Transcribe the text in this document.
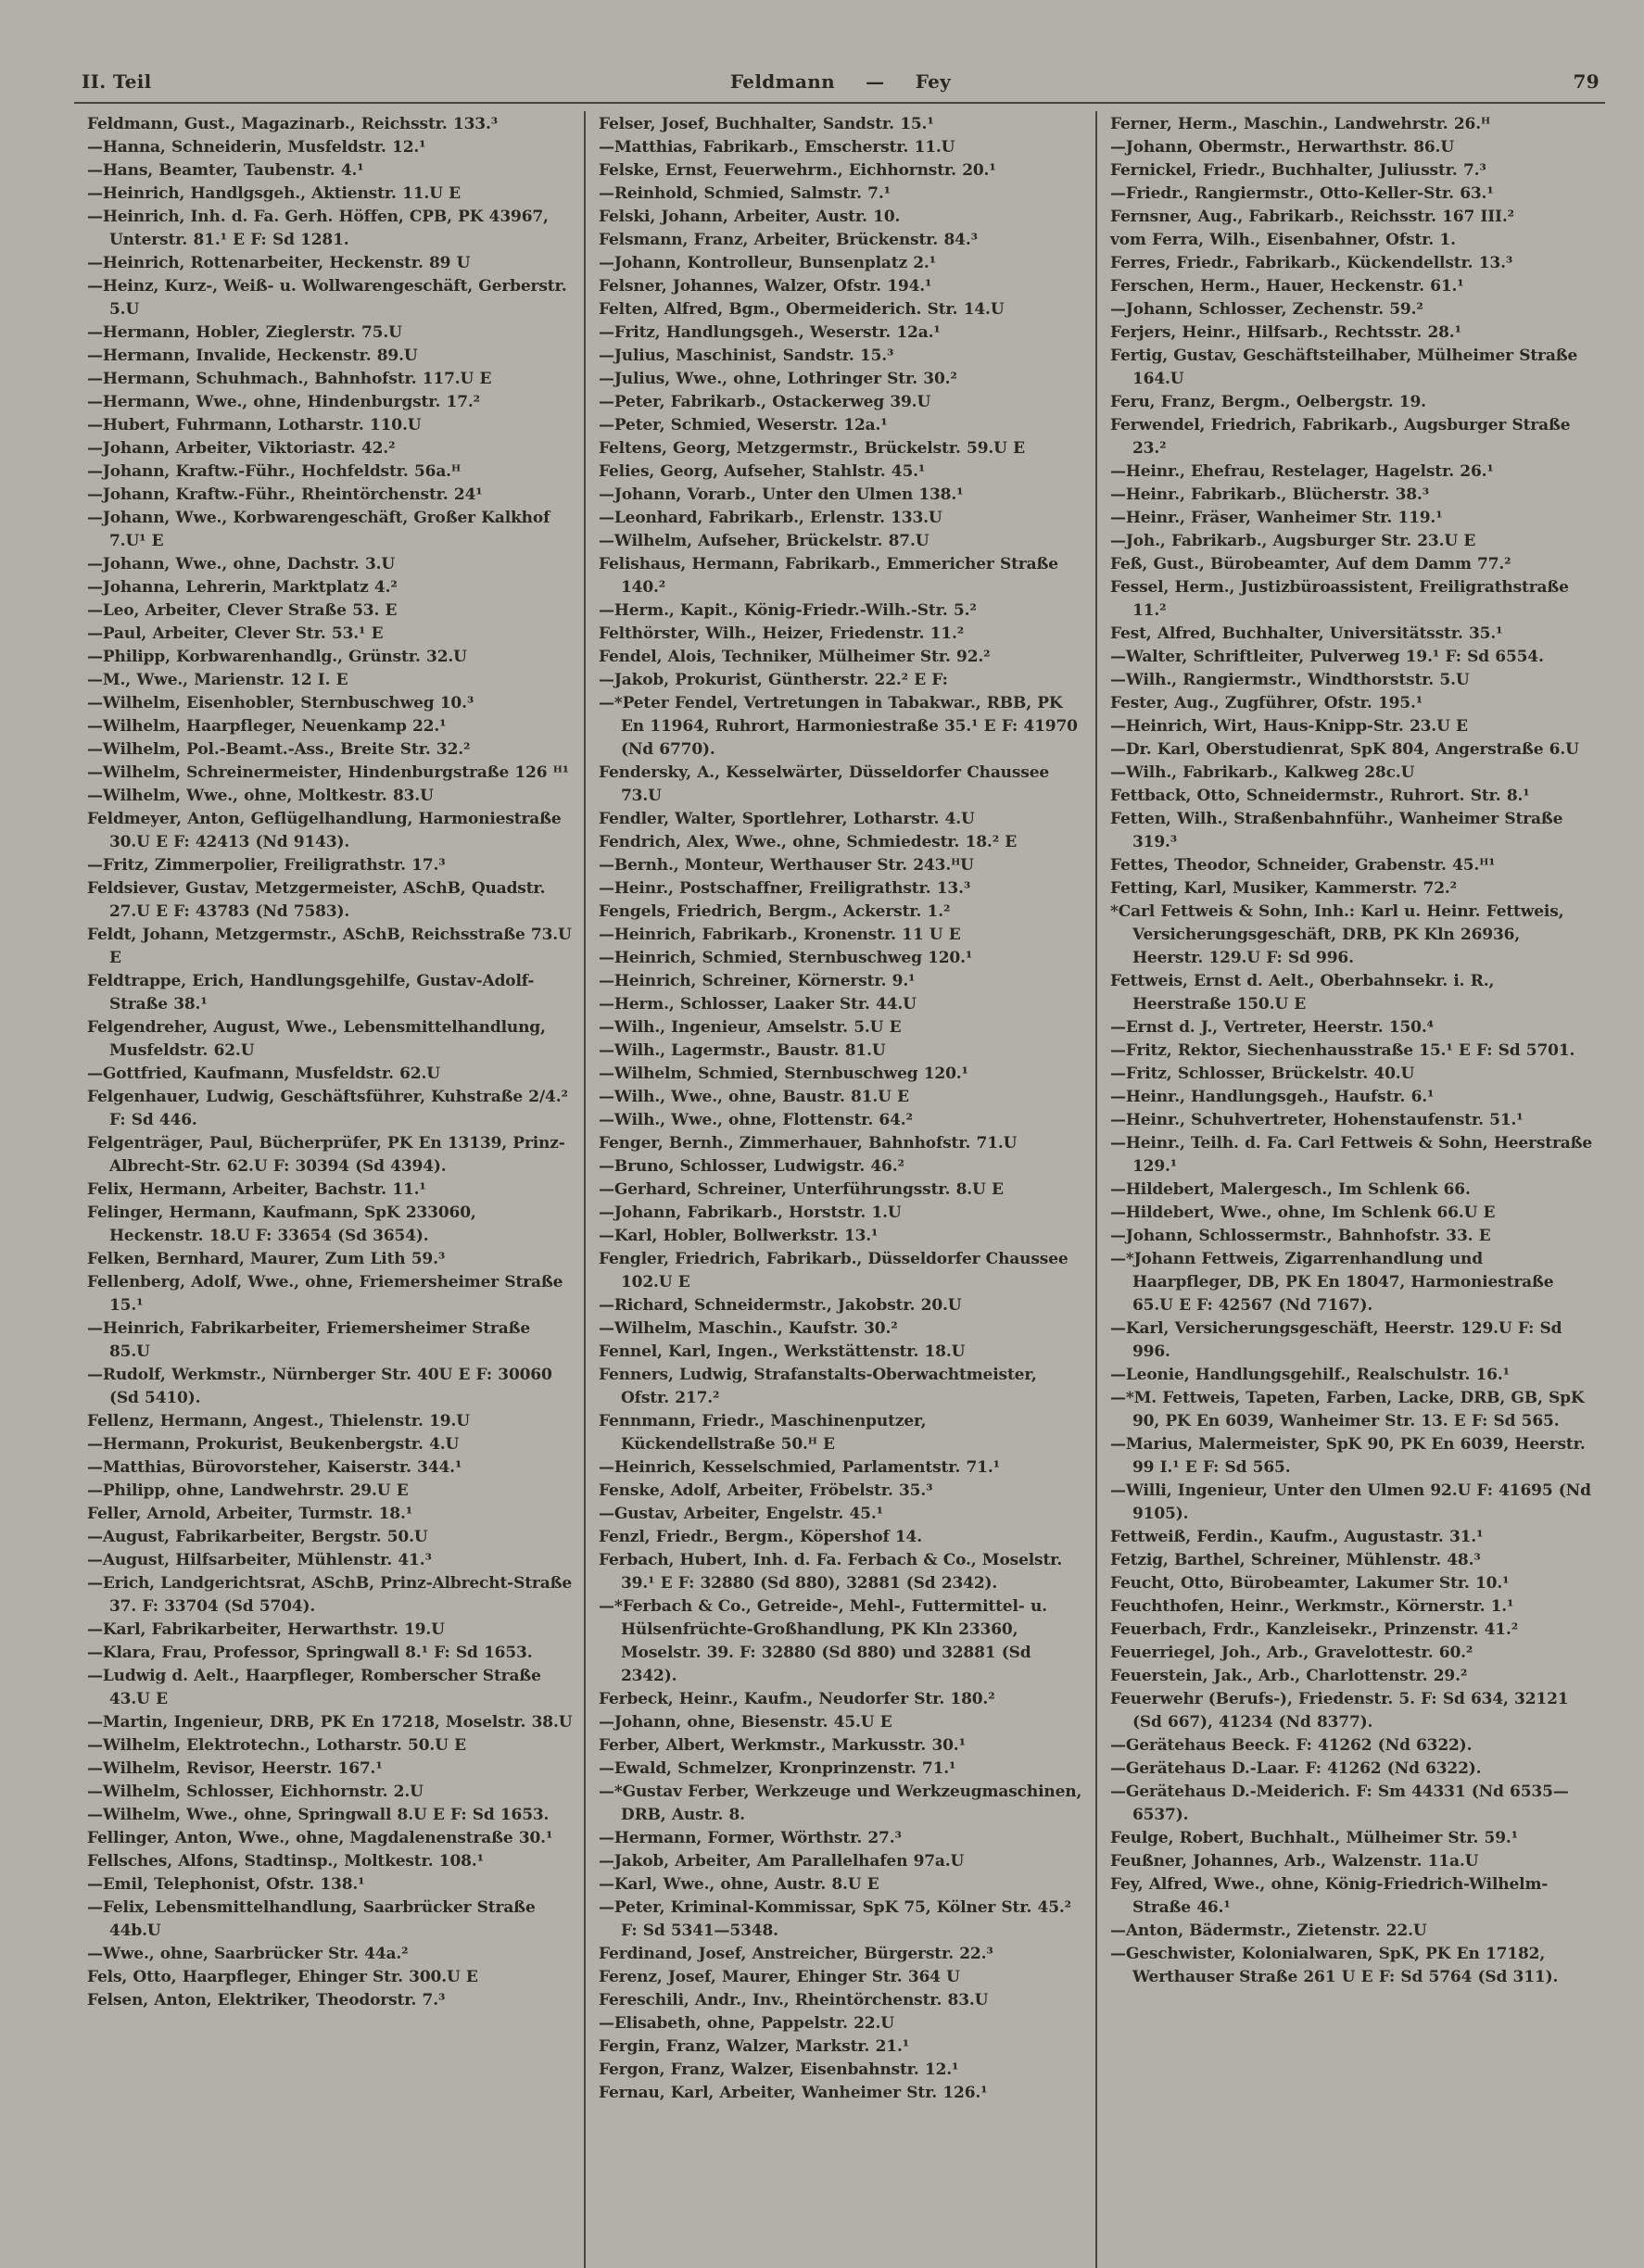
II. Teil	Feldmann — Fey	79

Feldmann, Gust., Magazinarb., Reichsstr. 133.³

—Hanna, Schneiderin, Musfeldstr. 12.¹

—Hans, Beamter, Taubenstr. 4.¹

—Heinrich, Handlgsgeh., Aktienstr. 11.U E

—Heinrich, Inh. d. Fa. Gerh. Höffen, CPB, PK 43967, Unterstr. 81.¹ E F: Sd 1281.

—Heinrich, Rottenarbeiter, Heckenstr. 89 U

—Heinz, Kurz-, Weiß- u. Wollwarengeschäft, Gerberstr. 5.U

—Hermann, Hobler, Zieglerstr. 75.U

—Hermann, Invalide, Heckenstr. 89.U

—Hermann, Schuhmach., Bahnhofstr. 117.U E

—Hermann, Wwe., ohne, Hindenburgstr. 17.²

—Hubert, Fuhrmann, Lotharstr. 110.U

—Johann, Arbeiter, Viktoriastr. 42.²

—Johann, Kraftw.-Führ., Hochfeldstr. 56a.ᴴ

—Johann, Kraftw.-Führ., Rheintörchenstr. 24¹

—Johann, Wwe., Korbwarengeschäft, Großer Kalkhof 7.U¹ E

—Johann, Wwe., ohne, Dachstr. 3.U

—Johanna, Lehrerin, Marktplatz 4.²

—Leo, Arbeiter, Clever Straße 53. E

—Paul, Arbeiter, Clever Str. 53.¹ E

—Philipp, Korbwarenhandlg., Grünstr. 32.U

—M., Wwe., Marienstr. 12 I. E

—Wilhelm, Eisenhobler, Sternbuschweg 10.³

—Wilhelm, Haarpfleger, Neuenkamp 22.¹

—Wilhelm, Pol.-Beamt.-Ass., Breite Str. 32.²

—Wilhelm, Schreinermeister, Hindenburgstraße 126 ᴴ¹

—Wilhelm, Wwe., ohne, Moltkestr. 83.U

Feldmeyer, Anton, Geflügelhandlung, Harmoniestraße 30.U E F: 42413 (Nd 9143).

—Fritz, Zimmerpolier, Freiligrathstr. 17.³

Feldsiever, Gustav, Metzgermeister, ASchB, Quadstr. 27.U E F: 43783 (Nd 7583).

Feldt, Johann, Metzgermstr., ASchB, Reichsstraße 73.U E

Feldtrappe, Erich, Handlungsgehilfe, Gustav-Adolf-Straße 38.¹

Felgendreher, August, Wwe., Lebensmittelhandlung, Musfeldstr. 62.U

—Gottfried, Kaufmann, Musfeldstr. 62.U

Felgenhauer, Ludwig, Geschäftsführer, Kuhstraße 2/4.² F: Sd 446.

Felgenträger, Paul, Bücherprüfer, PK En 13139, Prinz-Albrecht-Str. 62.U F: 30394 (Sd 4394).

Felix, Hermann, Arbeiter, Bachstr. 11.¹

Felinger, Hermann, Kaufmann, SpK 233060, Heckenstr. 18.U F: 33654 (Sd 3654).

Felken, Bernhard, Maurer, Zum Lith 59.³

Fellenberg, Adolf, Wwe., ohne, Friemersheimer Straße 15.¹

—Heinrich, Fabrikarbeiter, Friemersheimer Straße 85.U

—Rudolf, Werkmstr., Nürnberger Str. 40U E F: 30060 (Sd 5410).

Fellenz, Hermann, Angest., Thielenstr. 19.U

—Hermann, Prokurist, Beukenbergstr. 4.U

—Matthias, Bürovorsteher, Kaiserstr. 344.¹

—Philipp, ohne, Landwehrstr. 29.U E

Feller, Arnold, Arbeiter, Turmstr. 18.¹

—August, Fabrikarbeiter, Bergstr. 50.U

—August, Hilfsarbeiter, Mühlenstr. 41.³

—Erich, Landgerichtsrat, ASchB, Prinz-Albrecht-Straße 37. F: 33704 (Sd 5704).

—Karl, Fabrikarbeiter, Herwarthstr. 19.U

—Klara, Frau, Professor, Springwall 8.¹ F: Sd 1653.

—Ludwig d. Aelt., Haarpfleger, Romberscher Straße 43.U E

—Martin, Ingenieur, DRB, PK En 17218, Moselstr. 38.U

—Wilhelm, Elektrotechn., Lotharstr. 50.U E

—Wilhelm, Revisor, Heerstr. 167.¹

—Wilhelm, Schlosser, Eichhornstr. 2.U

—Wilhelm, Wwe., ohne, Springwall 8.U E F: Sd 1653.

Fellinger, Anton, Wwe., ohne, Magdalenenstraße 30.¹

Fellsches, Alfons, Stadtinsp., Moltkestr. 108.¹

—Emil, Telephonist, Ofstr. 138.¹

—Felix, Lebensmittelhandlung, Saarbrücker Straße 44b.U

—Wwe., ohne, Saarbrücker Str. 44a.²

Fels, Otto, Haarpfleger, Ehinger Str. 300.U E

Felsen, Anton, Elektriker, Theodorstr. 7.³

Felser, Josef, Buchhalter, Sandstr. 15.¹

—Matthias, Fabrikarb., Emscherstr. 11.U

Felske, Ernst, Feuerwehrm., Eichhornstr. 20.¹

—Reinhold, Schmied, Salmstr. 7.¹

Felski, Johann, Arbeiter, Austr. 10.

Felsmann, Franz, Arbeiter, Brückenstr. 84.³

—Johann, Kontrolleur, Bunsenplatz 2.¹

Felsner, Johannes, Walzer, Ofstr. 194.¹

Felten, Alfred, Bgm., Obermeiderich. Str. 14.U

—Fritz, Handlungsgeh., Weserstr. 12a.¹

—Julius, Maschinist, Sandstr. 15.³

—Julius, Wwe., ohne, Lothringer Str. 30.²

—Peter, Fabrikarb., Ostackerweg 39.U

—Peter, Schmied, Weserstr. 12a.¹

Feltens, Georg, Metzgermstr., Brückelstr. 59.U E

Felies, Georg, Aufseher, Stahlstr. 45.¹

—Johann, Vorarb., Unter den Ulmen 138.¹

—Leonhard, Fabrikarb., Erlenstr. 133.U

—Wilhelm, Aufseher, Brückelstr. 87.U

Felishaus, Hermann, Fabrikarb., Emmericher Straße 140.²

—Herm., Kapit., König-Friedr.-Wilh.-Str. 5.²

Felthörster, Wilh., Heizer, Friedenstr. 11.²

Fendel, Alois, Techniker, Mülheimer Str. 92.²

—Jakob, Prokurist, Güntherstr. 22.² E F:

—*Peter Fendel, Vertretungen in Tabakwar., RBB, PK En 11964, Ruhrort, Harmoniestraße 35.¹ E F: 41970 (Nd 6770).

Fendersky, A., Kesselwärter, Düsseldorfer Chaussee 73.U

Fendler, Walter, Sportlehrer, Lotharstr. 4.U

Fendrich, Alex, Wwe., ohne, Schmiedestr. 18.² E

—Bernh., Monteur, Werthauser Str. 243.ᴴU

—Heinr., Postschaffner, Freiligrathstr. 13.³

Fengels, Friedrich, Bergm., Ackerstr. 1.²

—Heinrich, Fabrikarb., Kronenstr. 11 U E

—Heinrich, Schmied, Sternbuschweg 120.¹

—Heinrich, Schreiner, Körnerstr. 9.¹

—Herm., Schlosser, Laaker Str. 44.U

—Wilh., Ingenieur, Amselstr. 5.U E

—Wilh., Lagermstr., Baustr. 81.U

—Wilhelm, Schmied, Sternbuschweg 120.¹

—Wilh., Wwe., ohne, Baustr. 81.U E

—Wilh., Wwe., ohne, Flottenstr. 64.²

Fenger, Bernh., Zimmerhauer, Bahnhofstr. 71.U

—Bruno, Schlosser, Ludwigstr. 46.²

—Gerhard, Schreiner, Unterführungsstr. 8.U E

—Johann, Fabrikarb., Horststr. 1.U

—Karl, Hobler, Bollwerkstr. 13.¹

Fengler, Friedrich, Fabrikarb., Düsseldorfer Chaussee 102.U E

—Richard, Schneidermstr., Jakobstr. 20.U

—Wilhelm, Maschin., Kaufstr. 30.²

Fennel, Karl, Ingen., Werkstättenstr. 18.U

Fenners, Ludwig, Strafanstalts-Oberwachtmeister, Ofstr. 217.²

Fennmann, Friedr., Maschinenputzer, Kückendellstraße 50.ᴴ E

—Heinrich, Kesselschmied, Parlamentstr. 71.¹

Fenske, Adolf, Arbeiter, Fröbelstr. 35.³

—Gustav, Arbeiter, Engelstr. 45.¹

Fenzl, Friedr., Bergm., Köpershof 14.

Ferbach, Hubert, Inh. d. Fa. Ferbach & Co., Moselstr. 39.¹ E F: 32880 (Sd 880), 32881 (Sd 2342).

—*Ferbach & Co., Getreide-, Mehl-, Futtermittel- u. Hülsenfrüchte-Großhandlung, PK Kln 23360, Moselstr. 39. F: 32880 (Sd 880) und 32881 (Sd 2342).

Ferbeck, Heinr., Kaufm., Neudorfer Str. 180.²

—Johann, ohne, Biesenstr. 45.U E

Ferber, Albert, Werkmstr., Markusstr. 30.¹

—Ewald, Schmelzer, Kronprinzenstr. 71.¹

—*Gustav Ferber, Werkzeuge und Werkzeugmaschinen, DRB, Austr. 8.

—Hermann, Former, Wörthstr. 27.³

—Jakob, Arbeiter, Am Parallelhafen 97a.U

—Karl, Wwe., ohne, Austr. 8.U E

—Peter, Kriminal-Kommissar, SpK 75, Kölner Str. 45.² F: Sd 5341—5348.

Ferdinand, Josef, Anstreicher, Bürgerstr. 22.³

Ferenz, Josef, Maurer, Ehinger Str. 364 U

Fereschili, Andr., Inv., Rheintörchenstr. 83.U

—Elisabeth, ohne, Pappelstr. 22.U

Fergin, Franz, Walzer, Markstr. 21.¹

Fergon, Franz, Walzer, Eisenbahnstr. 12.¹

Fernau, Karl, Arbeiter, Wanheimer Str. 126.¹

Ferner, Herm., Maschin., Landwehrstr. 26.ᴴ

—Johann, Obermstr., Herwarthstr. 86.U

Fernickel, Friedr., Buchhalter, Juliusstr. 7.³

—Friedr., Rangiermstr., Otto-Keller-Str. 63.¹

Fernsner, Aug., Fabrikarb., Reichsstr. 167 III.²

vom Ferra, Wilh., Eisenbahner, Ofstr. 1.

Ferres, Friedr., Fabrikarb., Kückendellstr. 13.³

Ferschen, Herm., Hauer, Heckenstr. 61.¹

—Johann, Schlosser, Zechenstr. 59.²

Ferjers, Heinr., Hilfsarb., Rechtsstr. 28.¹

Fertig, Gustav, Geschäftsteilhaber, Mülheimer Straße 164.U

Feru, Franz, Bergm., Oelbergstr. 19.

Ferwendel, Friedrich, Fabrikarb., Augsburger Straße 23.²

—Heinr., Ehefrau, Restelager, Hagelstr. 26.¹

—Heinr., Fabrikarb., Blücherstr. 38.³

—Heinr., Fräser, Wanheimer Str. 119.¹

—Joh., Fabrikarb., Augsburger Str. 23.U E

Feß, Gust., Bürobeamter, Auf dem Damm 77.²

Fessel, Herm., Justizbüroassistent, Freiligrathstraße 11.²

Fest, Alfred, Buchhalter, Universitätsstr. 35.¹

—Walter, Schriftleiter, Pulverweg 19.¹ F: Sd 6554.

—Wilh., Rangiermstr., Windthorststr. 5.U

Fester, Aug., Zugführer, Ofstr. 195.¹

—Heinrich, Wirt, Haus-Knipp-Str. 23.U E

—Dr. Karl, Oberstudienrat, SpK 804, Angerstraße 6.U

—Wilh., Fabrikarb., Kalkweg 28c.U

Fettback, Otto, Schneidermstr., Ruhrort. Str. 8.¹

Fetten, Wilh., Straßenbahnführ., Wanheimer Straße 319.³

Fettes, Theodor, Schneider, Grabenstr. 45.ᴴ¹

Fetting, Karl, Musiker, Kammerstr. 72.²

*Carl Fettweis & Sohn, Inh.: Karl u. Heinr. Fettweis, Versicherungsgeschäft, DRB, PK Kln 26936, Heerstr. 129.U F: Sd 996.

Fettweis, Ernst d. Aelt., Oberbahnsekr. i. R., Heerstraße 150.U E

—Ernst d. J., Vertreter, Heerstr. 150.⁴

—Fritz, Rektor, Siechenhausstraße 15.¹ E F: Sd 5701.

—Fritz, Schlosser, Brückelstr. 40.U

—Heinr., Handlungsgeh., Haufstr. 6.¹

—Heinr., Schuhvertreter, Hohenstaufenstr. 51.¹

—Heinr., Teilh. d. Fa. Carl Fettweis & Sohn, Heerstraße 129.¹

—Hildebert, Malergesch., Im Schlenk 66.

—Hildebert, Wwe., ohne, Im Schlenk 66.U E

—Johann, Schlossermstr., Bahnhofstr. 33. E

—*Johann Fettweis, Zigarrenhandlung und Haarpfleger, DB, PK En 18047, Harmoniestraße 65.U E F: 42567 (Nd 7167).

—Karl, Versicherungsgeschäft, Heerstr. 129.U F: Sd 996.

—Leonie, Handlungsgehilf., Realschulstr. 16.¹

—*M. Fettweis, Tapeten, Farben, Lacke, DRB, GB, SpK 90, PK En 6039, Wanheimer Str. 13. E F: Sd 565.

—Marius, Malermeister, SpK 90, PK En 6039, Heerstr. 99 I.¹ E F: Sd 565.

—Willi, Ingenieur, Unter den Ulmen 92.U F: 41695 (Nd 9105).

Fettweiß, Ferdin., Kaufm., Augustastr. 31.¹

Fetzig, Barthel, Schreiner, Mühlenstr. 48.³

Feucht, Otto, Bürobeamter, Lakumer Str. 10.¹

Feuchthofen, Heinr., Werkmstr., Körnerstr. 1.¹

Feuerbach, Frdr., Kanzleisekr., Prinzenstr. 41.²

Feuerriegel, Joh., Arb., Gravelottestr. 60.²

Feuerstein, Jak., Arb., Charlottenstr. 29.²

Feuerwehr (Berufs-), Friedenstr. 5. F: Sd 634, 32121 (Sd 667), 41234 (Nd 8377).

—Gerätehaus Beeck. F: 41262 (Nd 6322).

—Gerätehaus D.-Laar. F: 41262 (Nd 6322).

—Gerätehaus D.-Meiderich. F: Sm 44331 (Nd 6535—6537).

Feulge, Robert, Buchhalt., Mülheimer Str. 59.¹

Feußner, Johannes, Arb., Walzenstr. 11a.U

Fey, Alfred, Wwe., ohne, König-Friedrich-Wilhelm-Straße 46.¹

—Anton, Bädermstr., Zietenstr. 22.U

—Geschwister, Kolonialwaren, SpK, PK En 17182, Werthauser Straße 261 U E F: Sd 5764 (Sd 311).
